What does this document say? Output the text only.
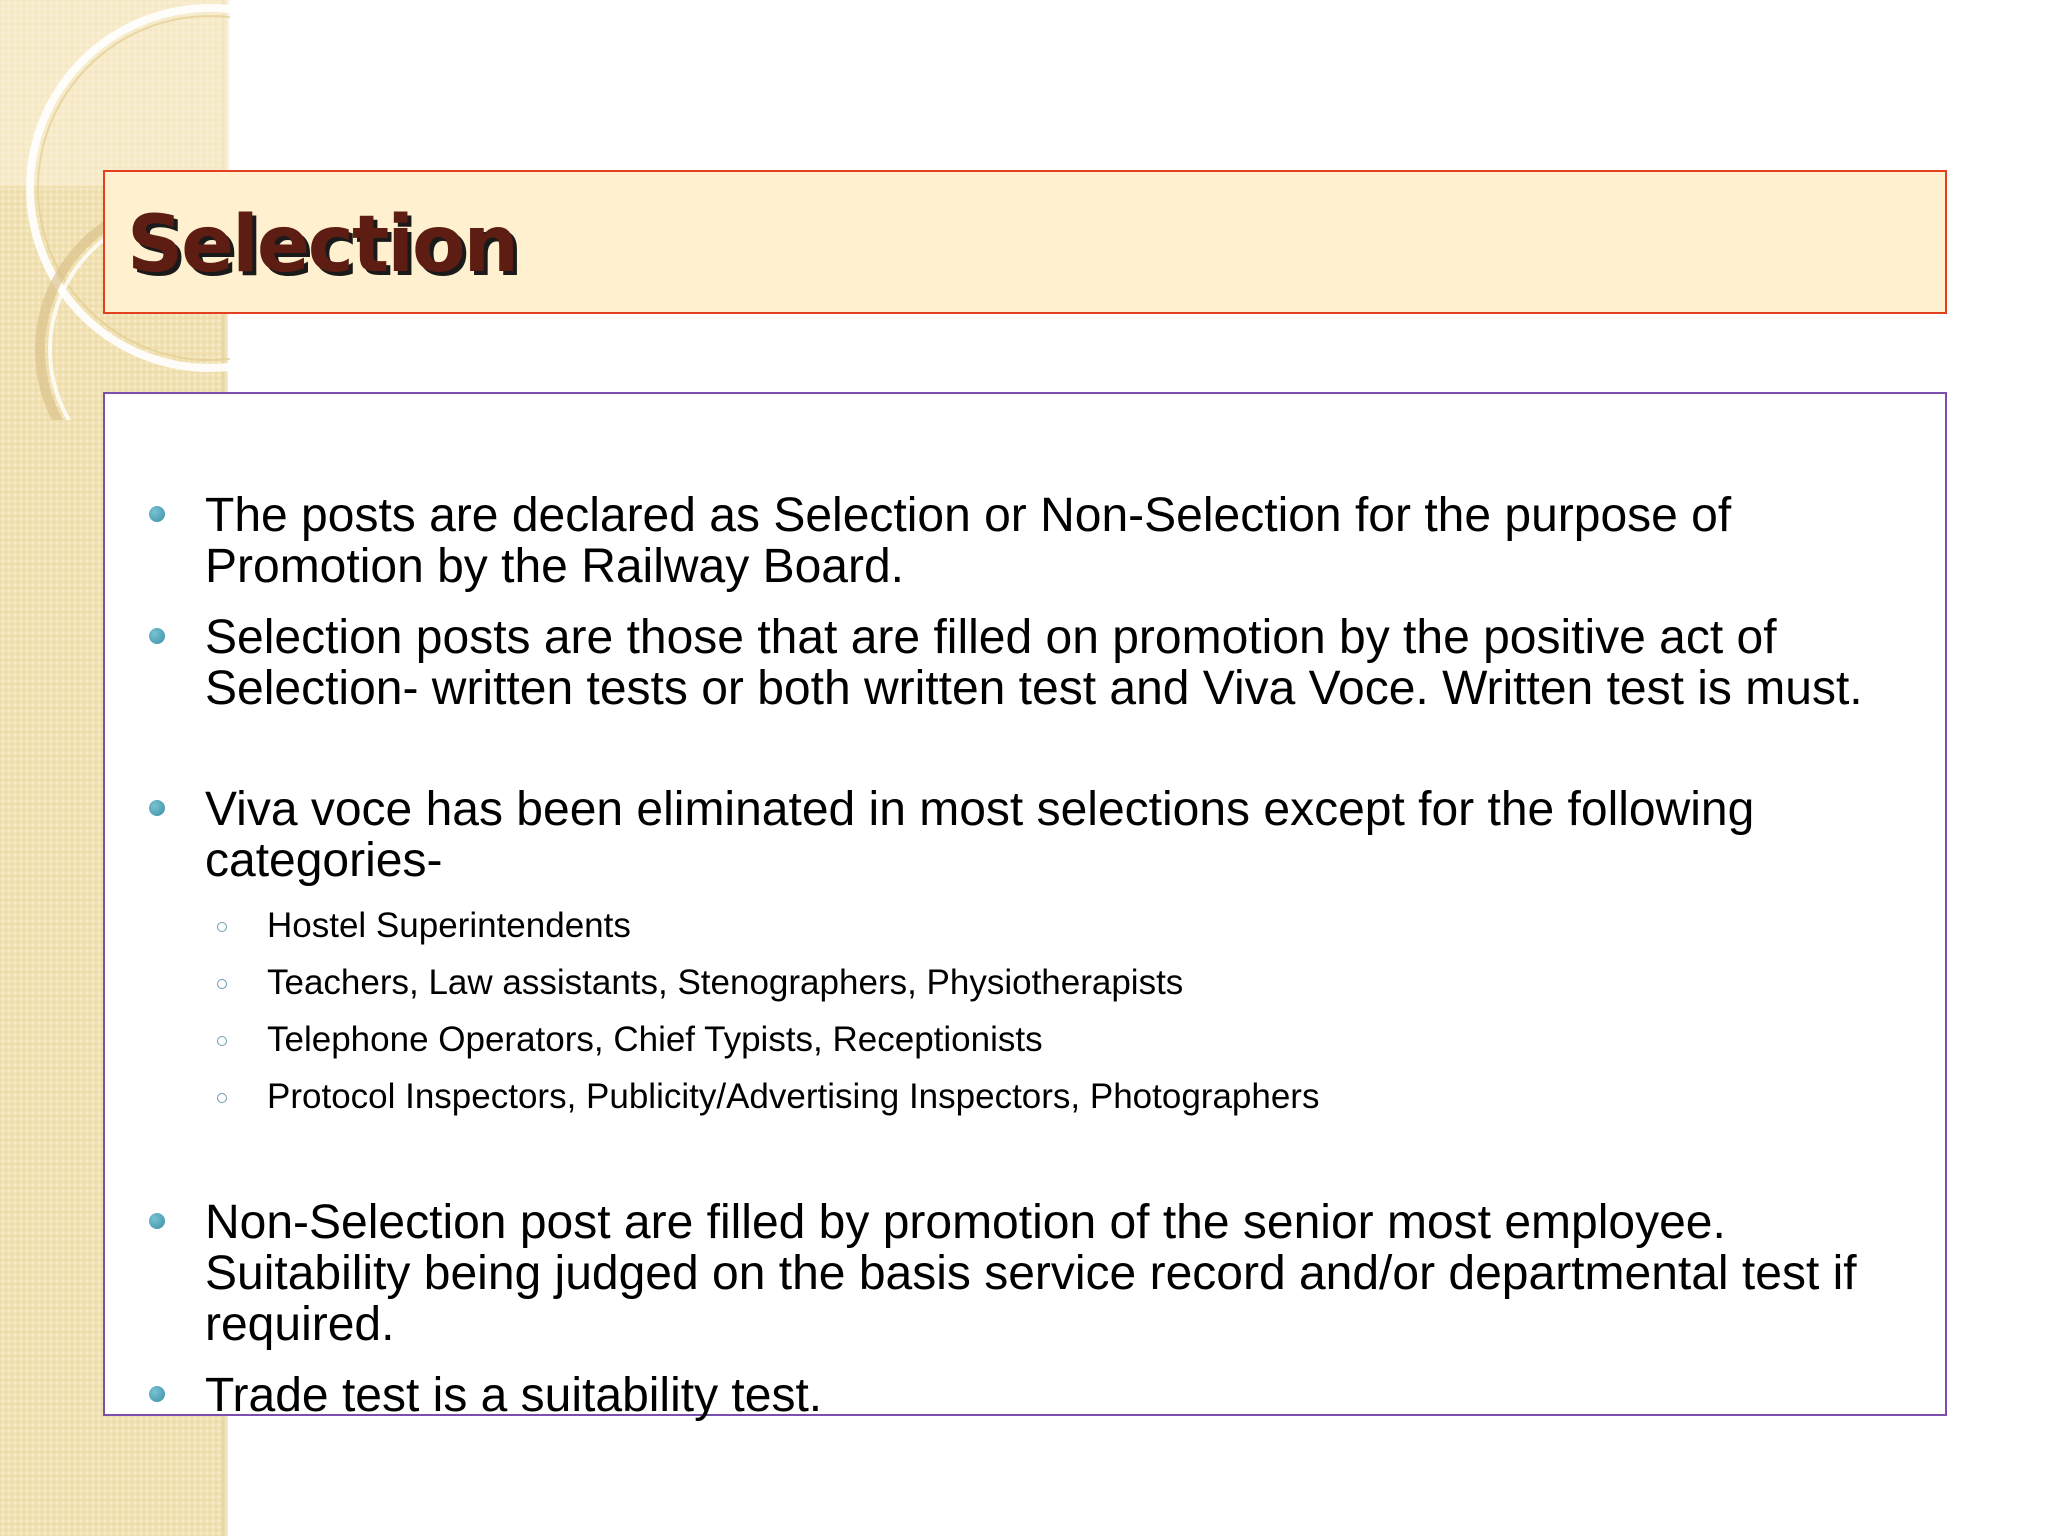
Selection

The posts are declared as Selection or Non-Selection for the purpose of Promotion by the Railway Board.

Selection posts are those that are filled on promotion by the positive act of Selection- written tests or both written test and Viva Voce. Written test is must.

Viva voce has been eliminated in most selections except for the following categories-

Hostel Superintendents

Teachers, Law assistants, Stenographers, Physiotherapists

Telephone Operators, Chief Typists, Receptionists

Protocol Inspectors, Publicity/Advertising Inspectors, Photographers

Non-Selection post are filled by promotion of the senior most employee. Suitability being judged on the basis service record and/or departmental test if required.

Trade test is a suitability test.
